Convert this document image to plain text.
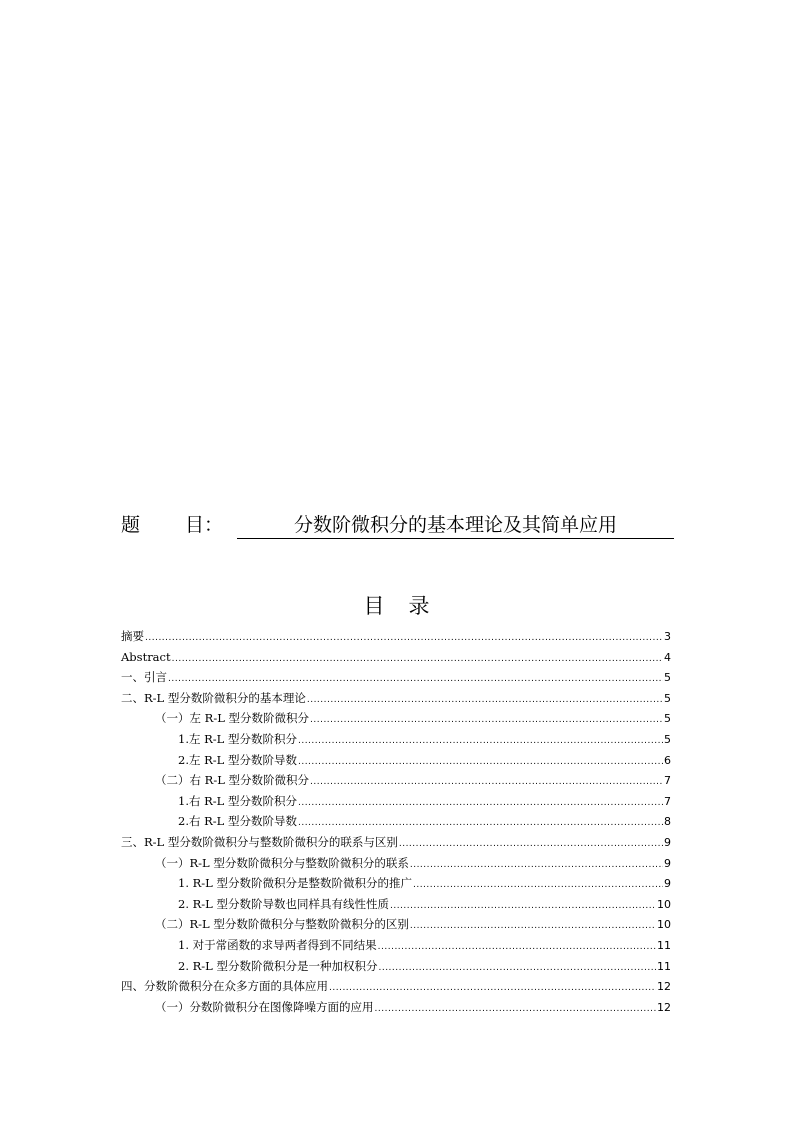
题 目：	分数阶微积分的基本理论及其简单应用
目录
摘要 .....	3
Abstract .....	4
一、引言 .....	5
二、R-L 型分数阶微积分的基本理论 .....	5
（一）左 R-L 型分数阶微积分 .....	5
1.左 R-L 型分数阶积分 .....	5
2.左 R-L 型分数阶导数 .....	6
（二）右 R-L 型分数阶微积分 .....	7
1.右 R-L 型分数阶积分 .....	7
2.右 R-L 型分数阶导数 .....	8
三、R-L 型分数阶微积分与整数阶微积分的联系与区别 .....	9
（一）R-L 型分数阶微积分与整数阶微积分的联系 .....	9
1. R-L 型分数阶微积分是整数阶微积分的推广 .....	9
2. R-L 型分数阶导数也同样具有线性性质 .....	10
（二）R-L 型分数阶微积分与整数阶微积分的区别 .....	10
1. 对于常函数的求导两者得到不同结果 .....	11
2. R-L 型分数阶微积分是一种加权积分 .....	11
四、分数阶微积分在众多方面的具体应用 .....	12
（一）分数阶微积分在图像降噪方面的应用 .....	12
